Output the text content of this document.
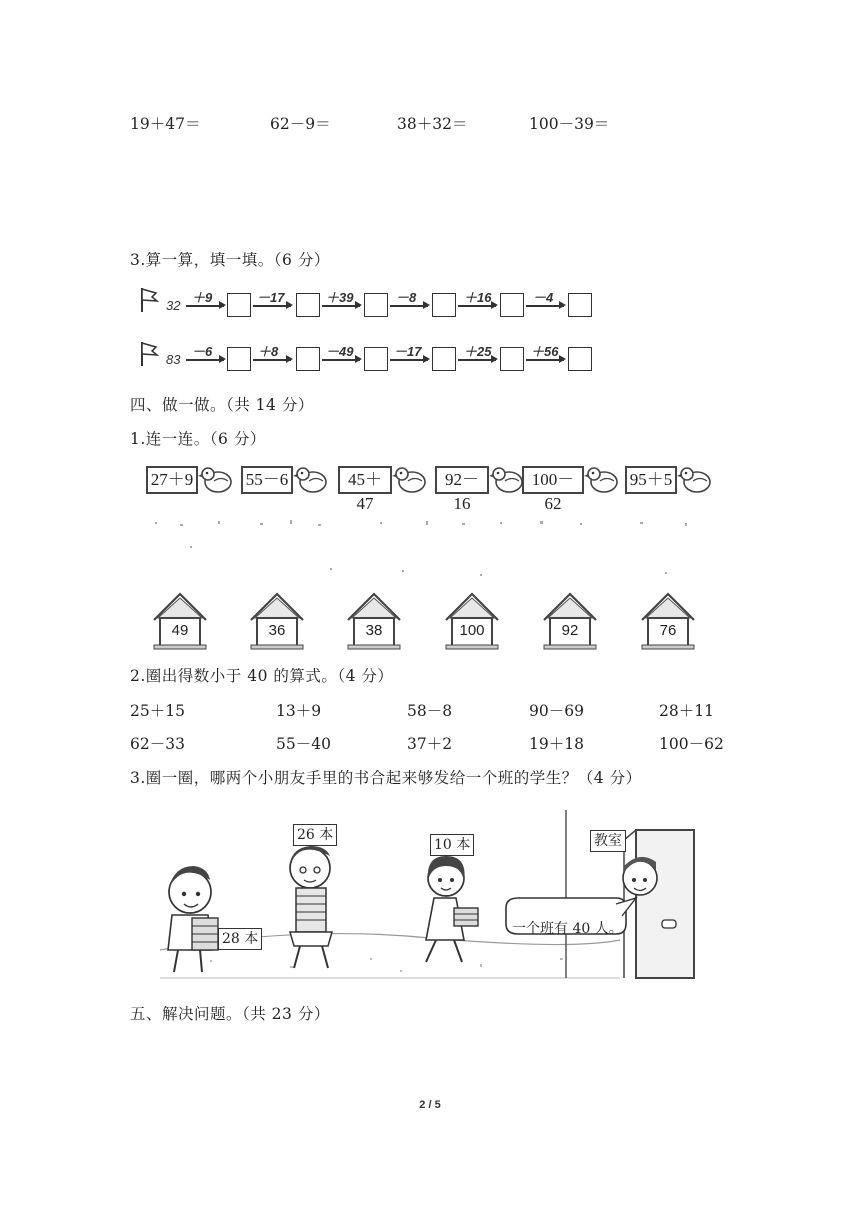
19＋47＝	62－9＝	38＋32＝	100－39＝
3.算一算，填一填。（6 分）
32
＋9	－17	＋39	－8	＋16	－4
83
－6	＋8	－49	－17	＋25	＋56
四、做一做。（共 14 分）
1.连一连。（6 分）
27＋9	55－6	45＋47
92－16
100－62
95＋5
49	36	38	100	92	76
2.圈出得数小于 40 的算式。（4 分）
25＋15	13＋9	58－8	90－69	28＋11
62－33	55－40	37＋2	19＋18	100－62
3.圈一圈，哪两个小朋友手里的书合起来够发给一个班的学生？（4 分）
26 本
10 本
28 本
教室
一个班有 40 人。
五、解决问题。（共 23 分）
2 / 5
